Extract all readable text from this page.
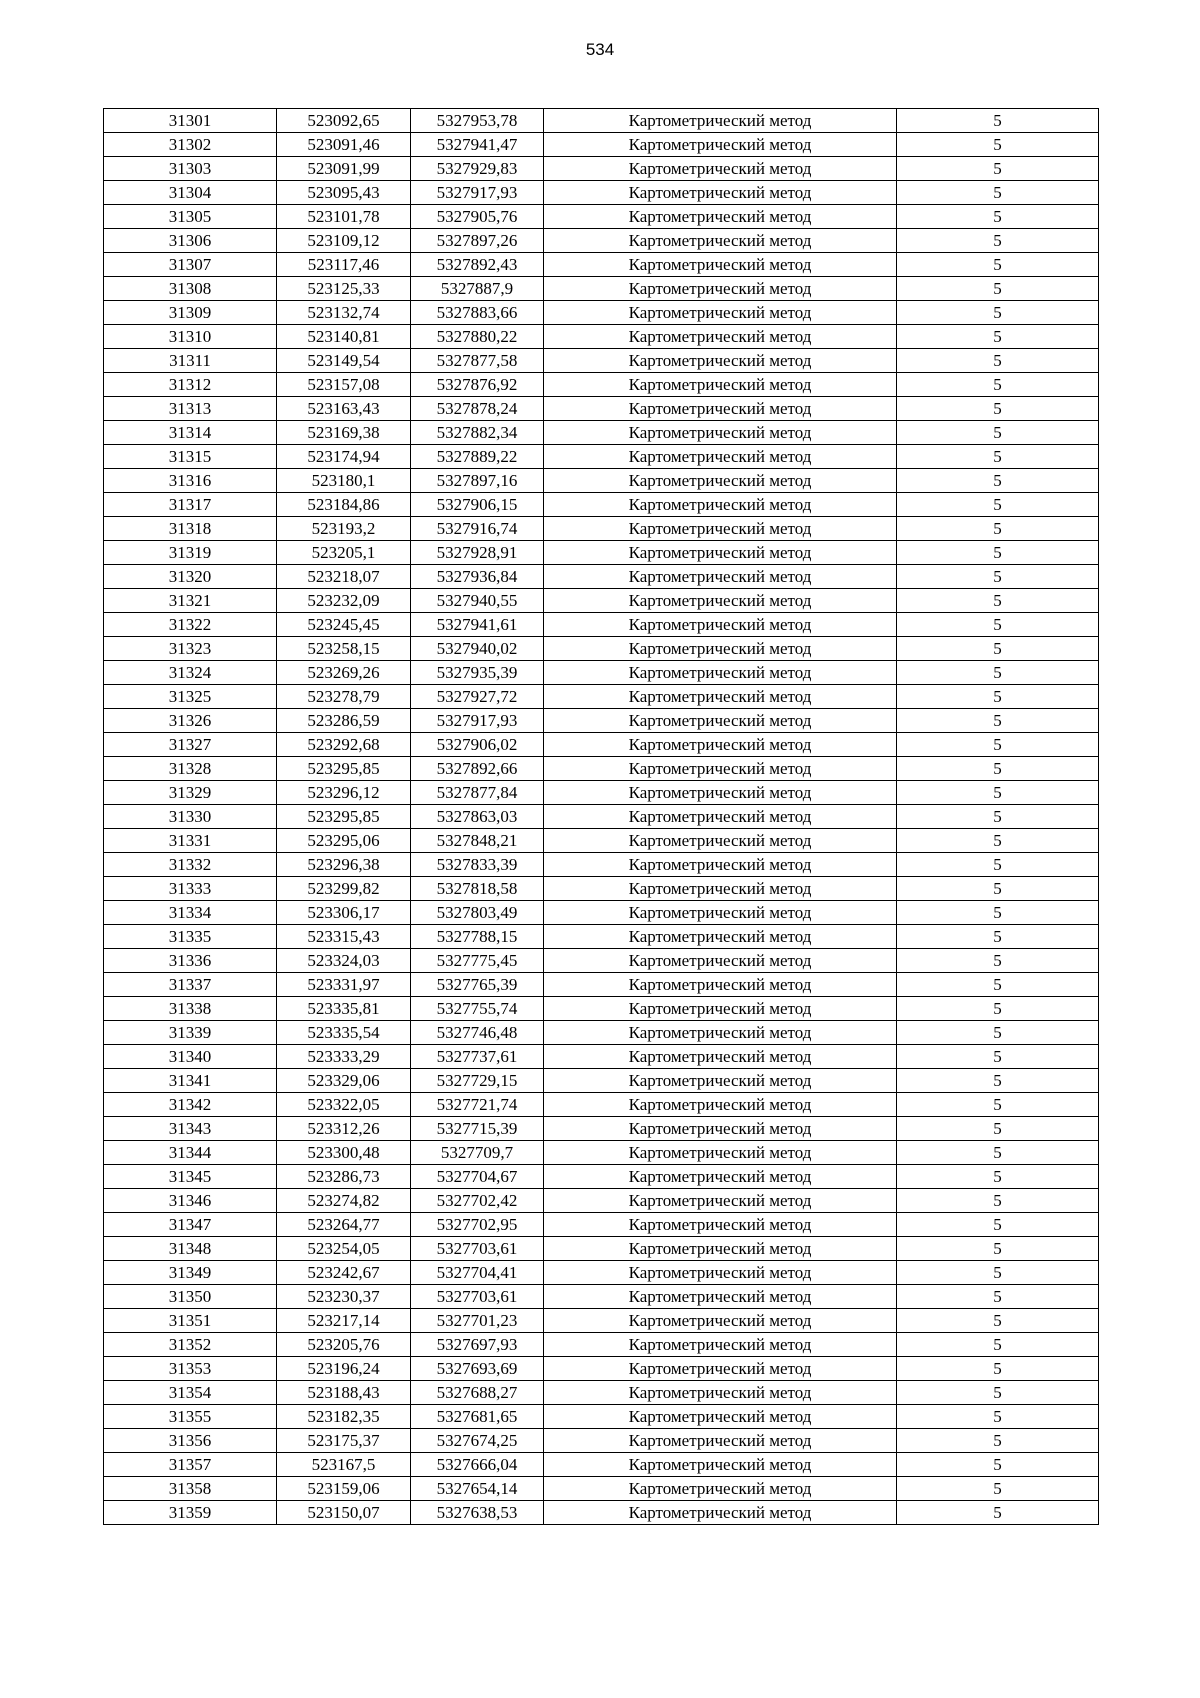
534
31301	523092,65	5327953,78	Картометрический метод	5
31302	523091,46	5327941,47	Картометрический метод	5
31303	523091,99	5327929,83	Картометрический метод	5
31304	523095,43	5327917,93	Картометрический метод	5
31305	523101,78	5327905,76	Картометрический метод	5
31306	523109,12	5327897,26	Картометрический метод	5
31307	523117,46	5327892,43	Картометрический метод	5
31308	523125,33	5327887,9	Картометрический метод	5
31309	523132,74	5327883,66	Картометрический метод	5
31310	523140,81	5327880,22	Картометрический метод	5
31311	523149,54	5327877,58	Картометрический метод	5
31312	523157,08	5327876,92	Картометрический метод	5
31313	523163,43	5327878,24	Картометрический метод	5
31314	523169,38	5327882,34	Картометрический метод	5
31315	523174,94	5327889,22	Картометрический метод	5
31316	523180,1	5327897,16	Картометрический метод	5
31317	523184,86	5327906,15	Картометрический метод	5
31318	523193,2	5327916,74	Картометрический метод	5
31319	523205,1	5327928,91	Картометрический метод	5
31320	523218,07	5327936,84	Картометрический метод	5
31321	523232,09	5327940,55	Картометрический метод	5
31322	523245,45	5327941,61	Картометрический метод	5
31323	523258,15	5327940,02	Картометрический метод	5
31324	523269,26	5327935,39	Картометрический метод	5
31325	523278,79	5327927,72	Картометрический метод	5
31326	523286,59	5327917,93	Картометрический метод	5
31327	523292,68	5327906,02	Картометрический метод	5
31328	523295,85	5327892,66	Картометрический метод	5
31329	523296,12	5327877,84	Картометрический метод	5
31330	523295,85	5327863,03	Картометрический метод	5
31331	523295,06	5327848,21	Картометрический метод	5
31332	523296,38	5327833,39	Картометрический метод	5
31333	523299,82	5327818,58	Картометрический метод	5
31334	523306,17	5327803,49	Картометрический метод	5
31335	523315,43	5327788,15	Картометрический метод	5
31336	523324,03	5327775,45	Картометрический метод	5
31337	523331,97	5327765,39	Картометрический метод	5
31338	523335,81	5327755,74	Картометрический метод	5
31339	523335,54	5327746,48	Картометрический метод	5
31340	523333,29	5327737,61	Картометрический метод	5
31341	523329,06	5327729,15	Картометрический метод	5
31342	523322,05	5327721,74	Картометрический метод	5
31343	523312,26	5327715,39	Картометрический метод	5
31344	523300,48	5327709,7	Картометрический метод	5
31345	523286,73	5327704,67	Картометрический метод	5
31346	523274,82	5327702,42	Картометрический метод	5
31347	523264,77	5327702,95	Картометрический метод	5
31348	523254,05	5327703,61	Картометрический метод	5
31349	523242,67	5327704,41	Картометрический метод	5
31350	523230,37	5327703,61	Картометрический метод	5
31351	523217,14	5327701,23	Картометрический метод	5
31352	523205,76	5327697,93	Картометрический метод	5
31353	523196,24	5327693,69	Картометрический метод	5
31354	523188,43	5327688,27	Картометрический метод	5
31355	523182,35	5327681,65	Картометрический метод	5
31356	523175,37	5327674,25	Картометрический метод	5
31357	523167,5	5327666,04	Картометрический метод	5
31358	523159,06	5327654,14	Картометрический метод	5
31359	523150,07	5327638,53	Картометрический метод	5
